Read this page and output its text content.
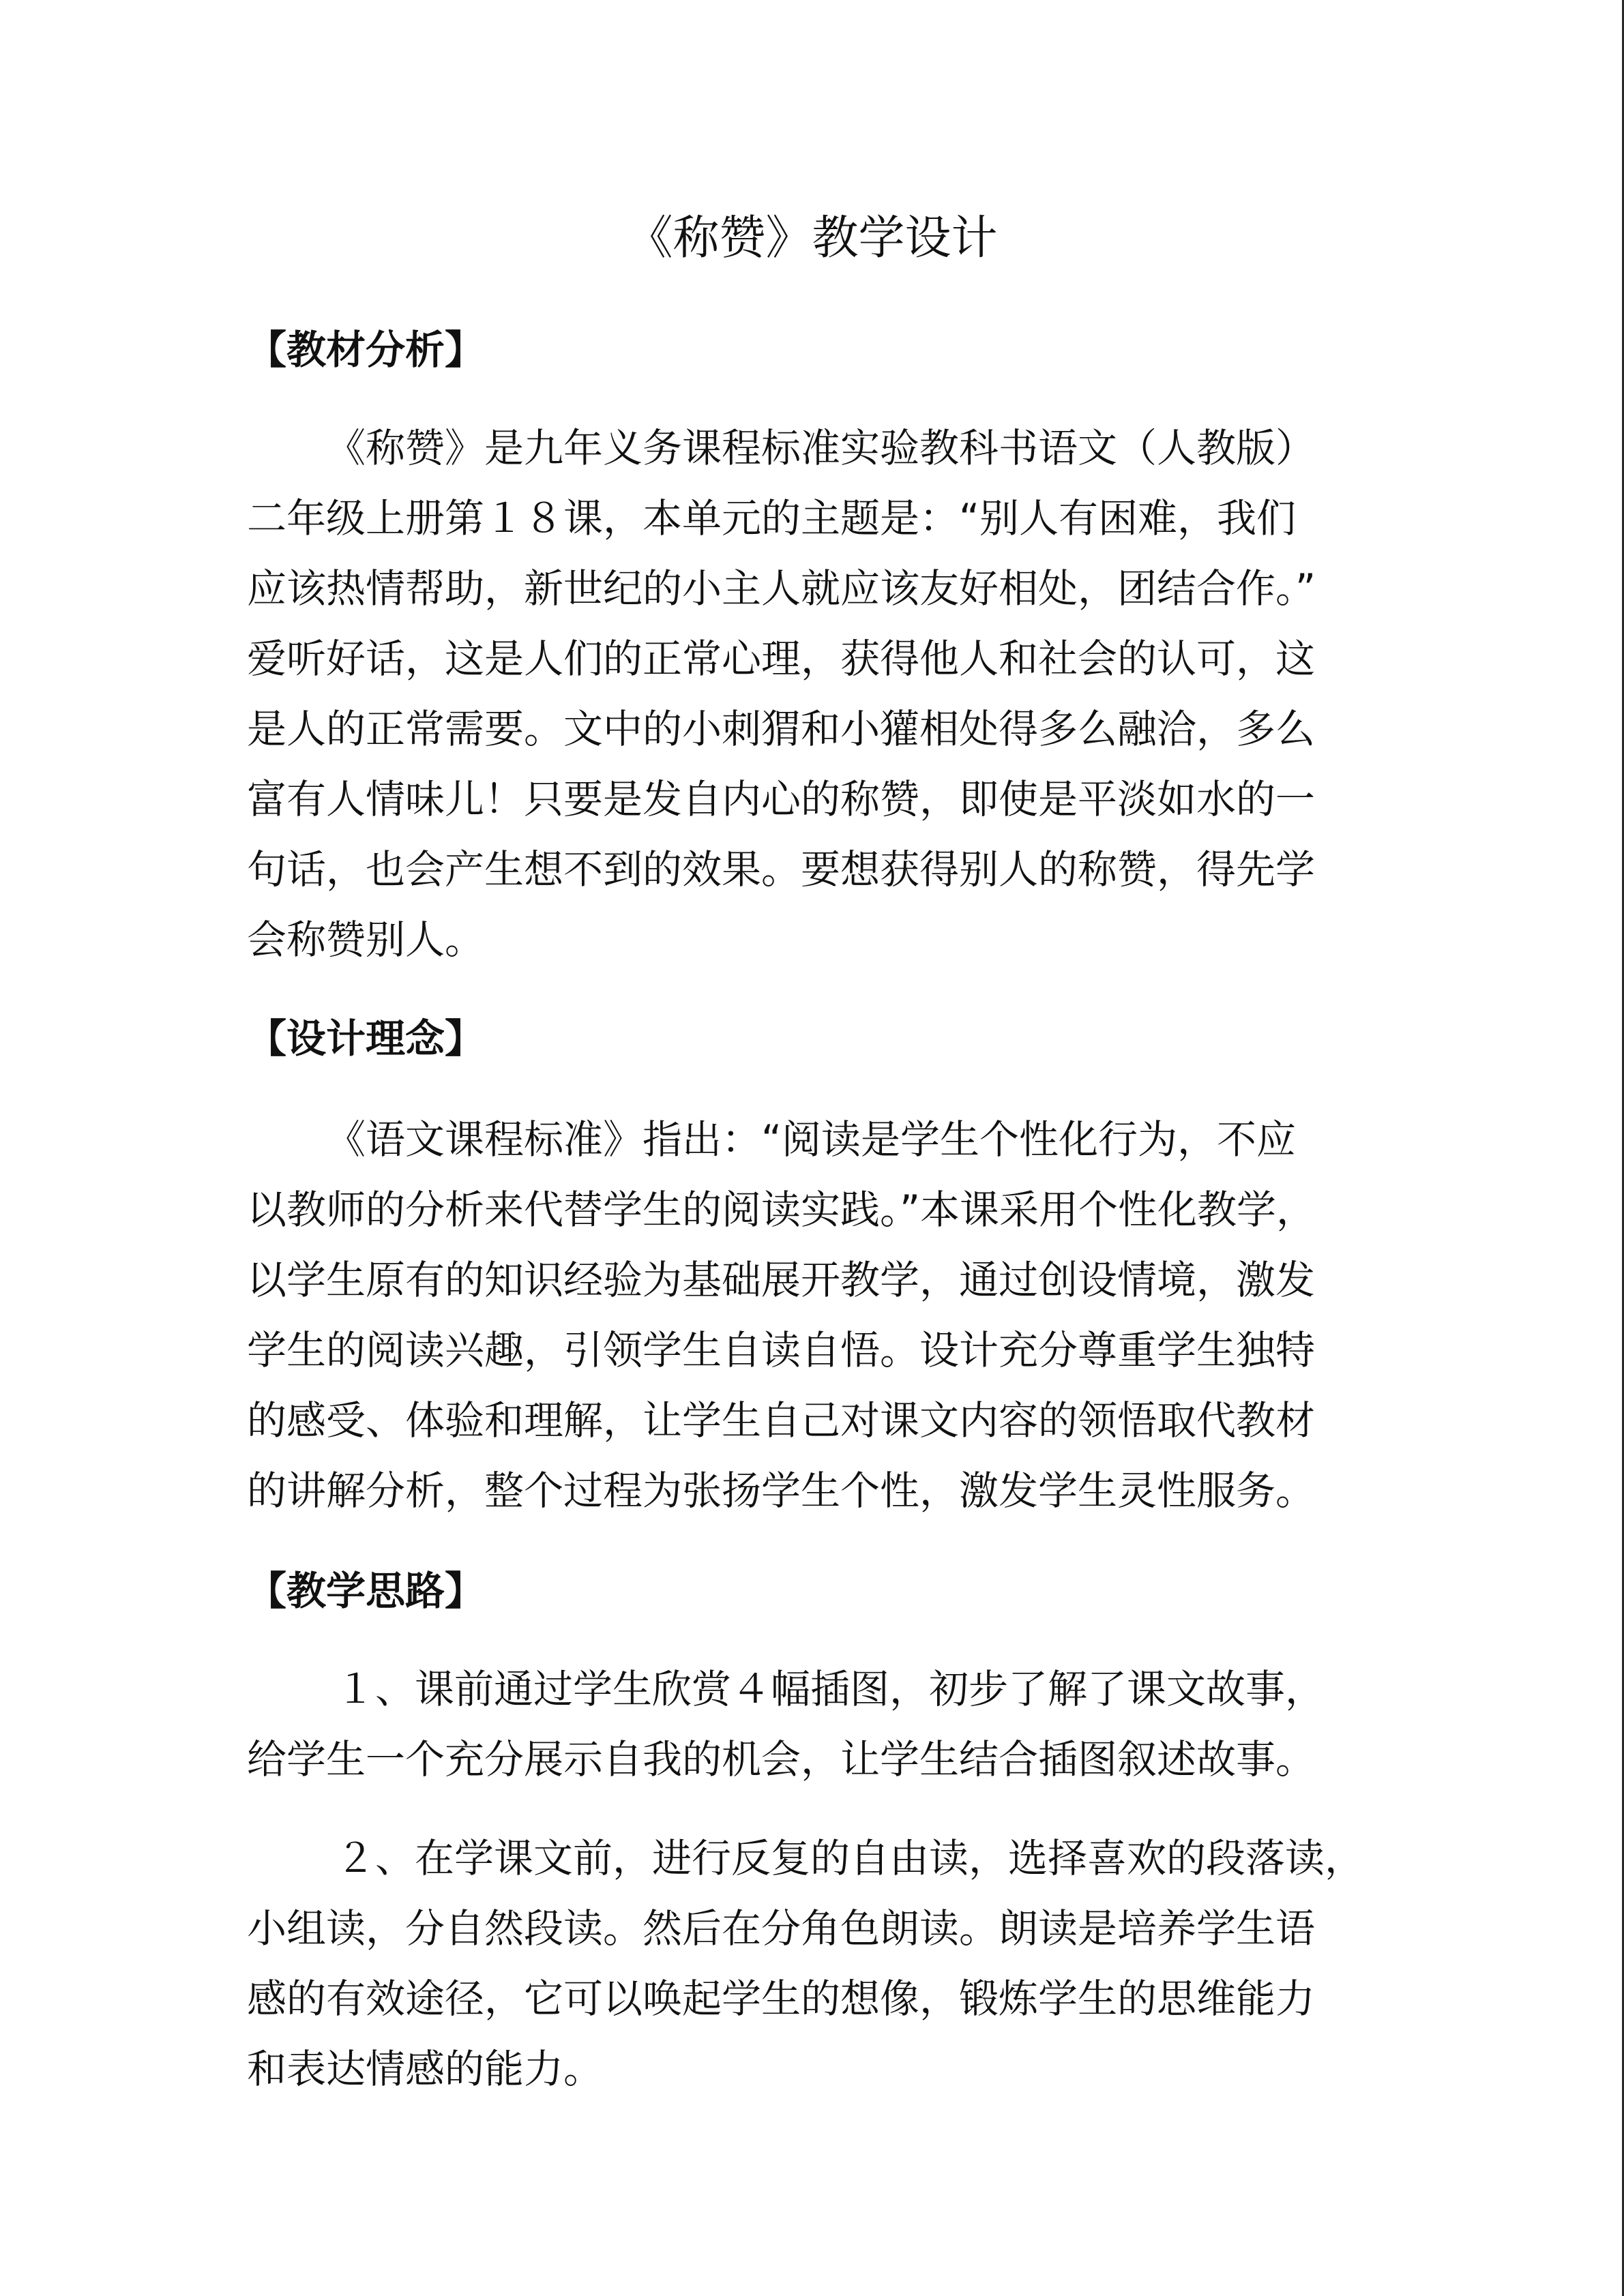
《称赞》教学设计
【教材分析】

《称赞》是九年义务课程标准实验教科书语文（人教版）
二年级上册第１８课，本单元的主题是：“别人有困难，我们
应该热情帮助，新世纪的小主人就应该友好相处，团结合作。”
爱听好话，这是人们的正常心理，获得他人和社会的认可，这
是人的正常需要。文中的小刺猬和小獾相处得多么融洽，多么
富有人情味儿！只要是发自内心的称赞，即使是平淡如水的一
句话，也会产生想不到的效果。要想获得别人的称赞，得先学
会称赞别人。

【设计理念】

《语文课程标准》指出：“阅读是学生个性化行为，不应
以教师的分析来代替学生的阅读实践。”本课采用个性化教学，
以学生原有的知识经验为基础展开教学，通过创设情境，激发
学生的阅读兴趣，引领学生自读自悟。设计充分尊重学生独特
的感受、体验和理解，让学生自己对课文内容的领悟取代教材
的讲解分析，整个过程为张扬学生个性，激发学生灵性服务。

【教学思路】

１、课前通过学生欣赏４幅插图，初步了解了课文故事，
给学生一个充分展示自我的机会，让学生结合插图叙述故事。

２、在学课文前，进行反复的自由读，选择喜欢的段落读，
小组读，分自然段读。然后在分角色朗读。朗读是培养学生语
感的有效途径，它可以唤起学生的想像，锻炼学生的思维能力
和表达情感的能力。
